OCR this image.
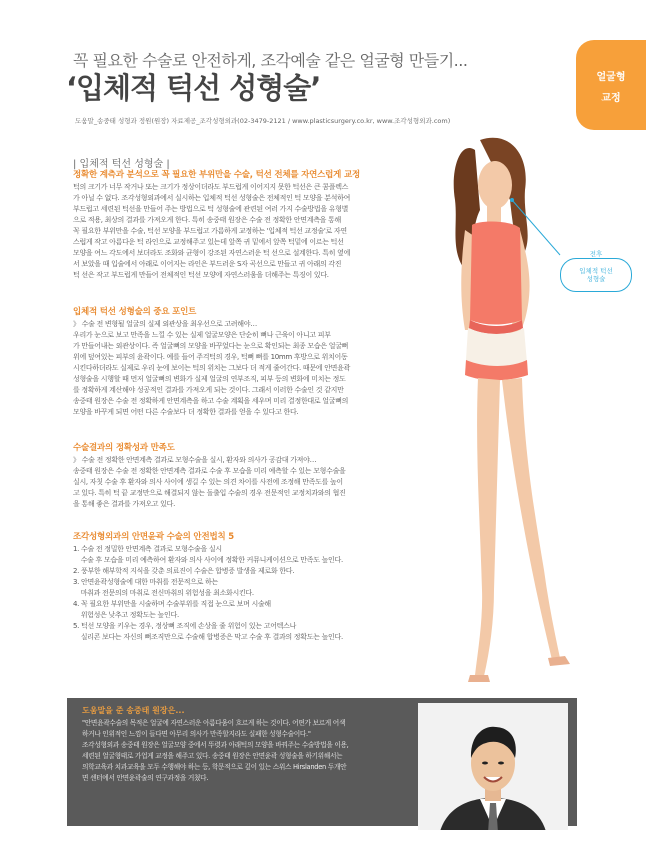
얼굴형
교정
꼭 필요한 수술로 안전하게, 조각예술 같은 얼굴형 만들기...
‘입체적 턱선 성형술’
도움말_송중태 성형과 정원(원장) 자료제공_조각성형외과(02-3479-2121 / www.plasticsurgery.co.kr, www.조각성형외과.com)
| 입체적 턱선 성형술 |
정확한 계측과 분석으로 꼭 필요한 부위만을 수술, 턱선 전체를 자연스럽게 교정
턱의 크기가 너무 작거나 또는 크기가 정상이더라도 부드럽게 이어지지 못한 턱선은 큰 콤플렉스
가 아닐 수 없다. 조각성형외과에서 실시하는 입체적 턱선 성형술은 전체적인 턱 모양을 분석하여
부드럽고 세련된 턱선을 만들어 주는 방법으로 턱 성형술에 관련된 여러 가지 수술방법을 유형별
으로 적용, 최상의 결과를 가져오게 한다. 특히 송중태 원장은 수술 전 정확한 안면계측을 통해
꼭 필요한 부위만을 수술, 턱선 모양을 부드럽고 가름하게 교정하는 '입체적 턱선 교정술'로 자연
스럽게 작고 아름다운 턱 라인으로 교정해주고 있는데 앞쪽 귀 밑에서 앞쪽 턱밑에 이르는 턱선
모양을 여느 각도에서 보더라도 조화와 균형이 강조된 자연스러운 턱 선으로 설계한다. 특히 옆에
서 보았을 때 입술에서 아래로 이어지는 라인은 부드러운 S자 곡선으로 만들고 귀 아래의 각진
턱 선은 작고 부드럽게 만들어 전체적인 턱선 모양에 자연스러움을 더해주는 특징이 있다.
입체적 턱선 성형술의 중요 포인트
》 수술 전 변형될 얼굴의 실제 외관상을 최우선으로 고려해야…
우리가 눈으로 보고 만족을 느낄 수 있는 실제 얼굴모양은 단순히 뼈나 근육이 아니고 피부
가 만들어내는 외관상이다. 즉 얼굴뼈의 모양을 바꾸었다는 눈으로 확인되는 최종 모습은 얼굴뼈
위에 덮여있는 피부의 윤곽이다. 예를 들어 주걱턱의 경우, 턱뼈 뼈를 10mm 후방으로 위치이동
시킨다하더라도 실제로 우리 눈에 보이는 턱의 위치는 그보다 더 적게 줄어간다. 때문에 안면윤곽
성형술을 시행할 때 먼저 얼굴뼈의 변화가 실제 얼굴의 연부조직, 피부 등의 변화에 미치는 정도
를 정확하게 계산해야 성공적인 결과를 가져오게 되는 것이다. 그래서 이러한 수술인 것 같지만
송중태 원장은 수술 전 정확하게 안면계측을 하고 수술 계획을 세우며 미리 결정한대로 얼굴뼈의
모양을 바꾸게 되면 어떤 다른 수술보다 더 정확한 결과를 얻을 수 있다고 한다.
수술결과의 정확성과 만족도
》 수술 전 정확한 안면계측 결과로 모형수술을 실시, 환자와 의사가 공감대 가져야…
송중태 원장은 수술 전 정확한 안면계측 결과로 수술 후 모습을 미리 예측할 수 있는 모형수술을
실시, 자칫 수술 후 환자와 의사 사이에 생길 수 있는 의견 차이를 사전에 조정해 만족도를 높이
고 있다. 특히 턱 끝 교정만으로 해결되지 않는 돌출입 수술의 경우 전문적인 교정치과와의 협진
을 통해 좋은 결과를 가져오고 있다.
조각성형외과의 안면윤곽 수술의 안전법칙 5
1. 수술 전 정밀한 안면계측 결과로 모형수술을 실시
수술 후 모습을 미리 예측하여 환자와 의사 사이에 정확한 커뮤니케이션으로 만족도 높인다.
2. 풍부한 해부학적 지식을 갖춘 의료진이 수술은 합병증 발생을 제로화 한다.
3. 안면윤곽성형술에 대한 마취를 전문적으로 하는
마취과 전문의의 마취로 전신마취의 위험성을 최소화시킨다.
4. 꼭 필요한 부위만을 시술하며 수술부위를 직접 눈으로 보며 시술해
위험성은 낮추고 정확도는 높인다.
5. 턱선 모양을 키우는 경우, 정상뼈 조직에 손상을 줄 위험이 있는 고어텍스나
실리콘 보다는 자신의 뼈조직만으로 수술해 합병증은 막고 수술 후 결과의 정확도는 높인다.
입체적 턱선
성형술
전후
도움말을 준 송중태 원장은...
"안면윤곽수술의 목적은 얼굴에 자연스러운 아름다움이 흐르게 하는 것이다. 어떤가 보르게 어색
하거나 인위적인 느낌이 들다면 아무리 의사가 만족할지라도 실패한 성형수술이다."
조각성형외과 송중태 원장은 얼굴모양 중에서 뚜렷과 아래턱의 모양을 바꿔주는 수술방법을 이용,
세련된 얼굴형태로 가업게 교정을 해주고 있다. 송중태 원장은 안면윤곽 성형술을 하기위해서는
의학교육과 치과교육을 모두 수행해야 하는 등, 학문적으로 깊이 있는 스위스 Hirslanden 두개안
면 센터에서 안면윤곽술의 연구과정을 거쳤다.
